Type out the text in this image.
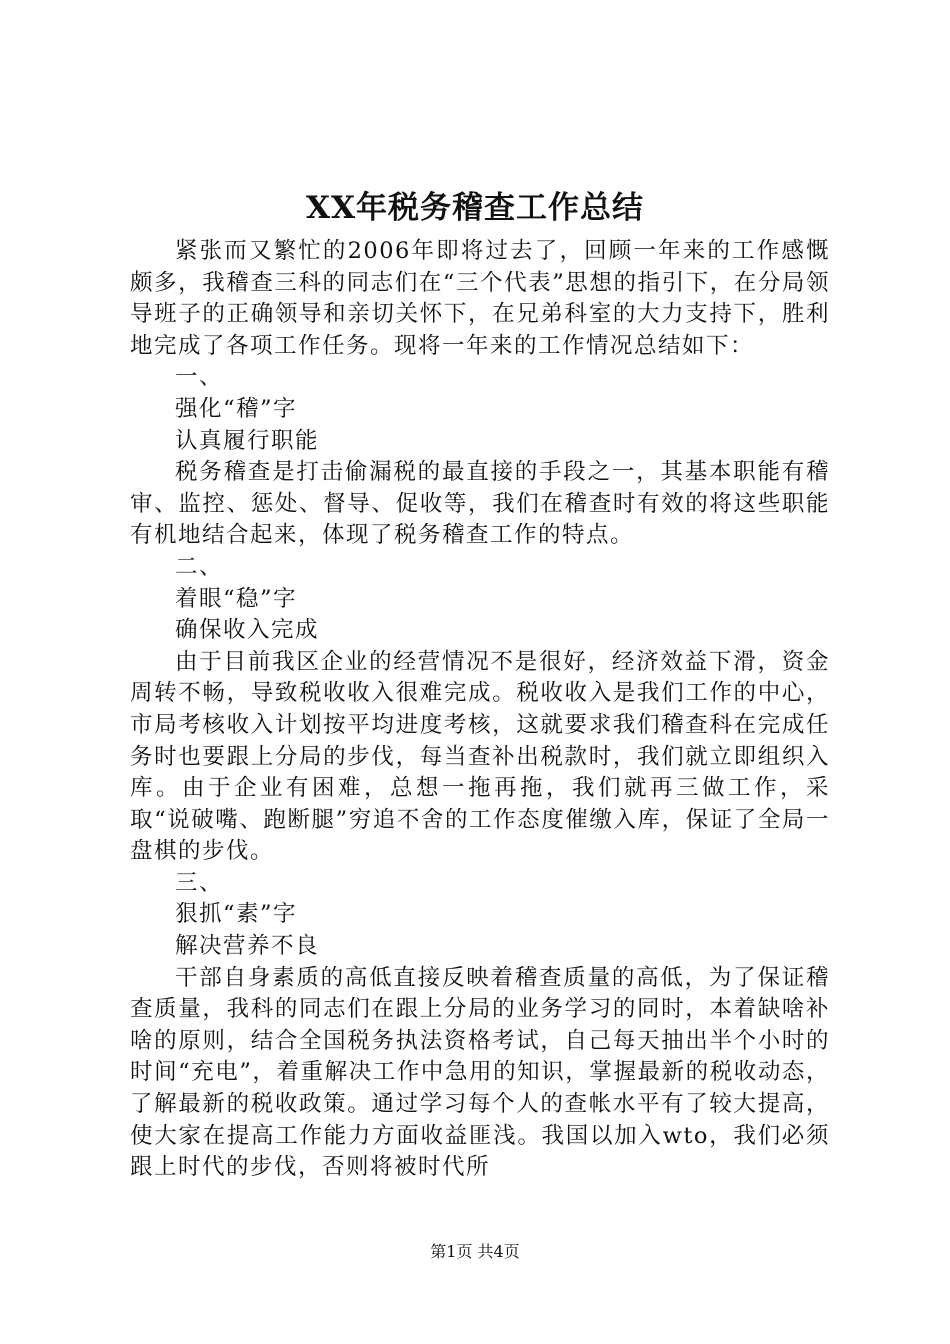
XX年税务稽查工作总结

紧张而又繁忙的2006年即将过去了，回顾一年来的工作感慨颇多，我稽查三科的同志们在“三个代表”思想的指引下，在分局领导班子的正确领导和亲切关怀下，在兄弟科室的大力支持下，胜利地完成了各项工作任务。现将一年来的工作情况总结如下：

一、

强化“稽”字

认真履行职能

税务稽查是打击偷漏税的最直接的手段之一，其基本职能有稽审、监控、惩处、督导、促收等，我们在稽查时有效的将这些职能有机地结合起来，体现了税务稽查工作的特点。

二、

着眼“稳”字

确保收入完成

由于目前我区企业的经营情况不是很好，经济效益下滑，资金周转不畅，导致税收收入很难完成。税收收入是我们工作的中心，市局考核收入计划按平均进度考核，这就要求我们稽查科在完成任务时也要跟上分局的步伐，每当查补出税款时，我们就立即组织入库。由于企业有困难，总想一拖再拖，我们就再三做工作，采取“说破嘴、跑断腿”穷追不舍的工作态度催缴入库，保证了全局一盘棋的步伐。

三、

狠抓“素”字

解决营养不良

干部自身素质的高低直接反映着稽查质量的高低，为了保证稽查质量，我科的同志们在跟上分局的业务学习的同时，本着缺啥补啥的原则，结合全国税务执法资格考试，自己每天抽出半个小时的时间“充电”，着重解决工作中急用的知识，掌握最新的税收动态，了解最新的税收政策。通过学习每个人的查帐水平有了较大提高，使大家在提高工作能力方面收益匪浅。我国以加入wto，我们必须跟上时代的步伐，否则将被时代所

第1页 共4页
